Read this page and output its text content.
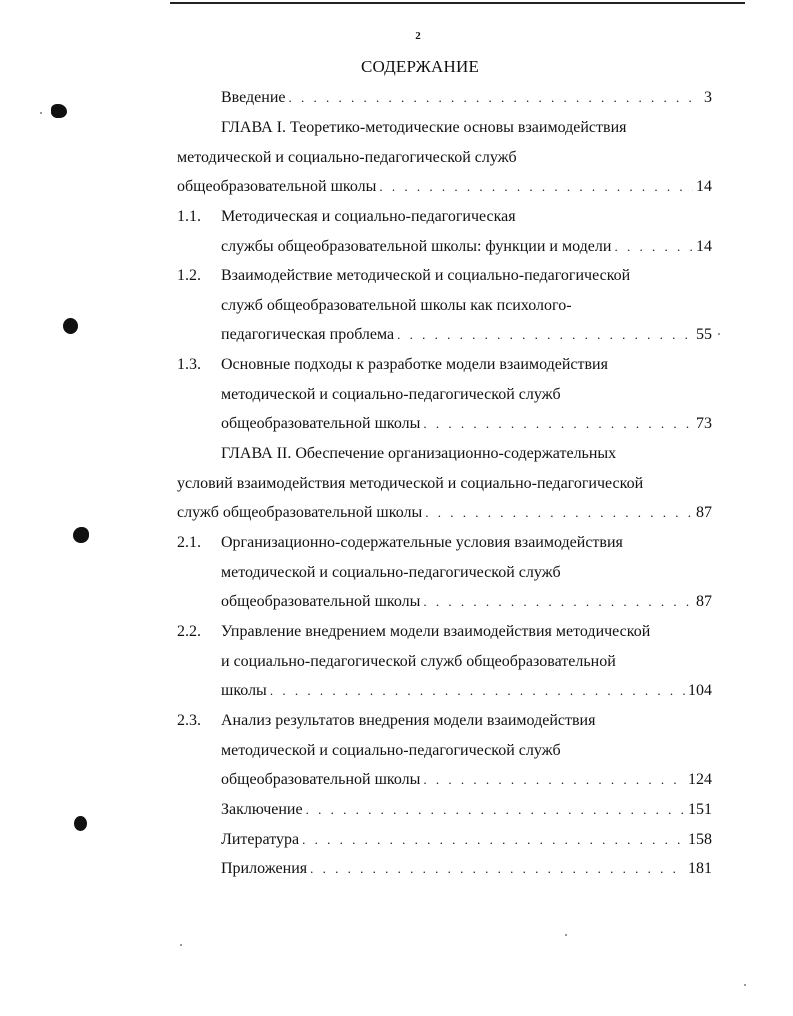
2
СОДЕРЖАНИЕ
Введение . . .	3
ГЛАВА I. Теоретико-методические основы взаимодействия
методической и социально-педагогической служб
общеобразовательной школы . . .	14
1.1. Методическая и социально-педагогическая
службы общеобразовательной школы: функции и модели . . .	14
1.2. Взаимодействие методической и социально-педагогической
служб общеобразовательной школы как психолого-
педагогическая проблема . . .	55
1.3. Основные подходы к разработке модели взаимодействия
методической и социально-педагогической служб
общеобразовательной школы . . .	73
ГЛАВА II. Обеспечение организационно-содержательных
условий взаимодействия методической и социально-педагогической
служб общеобразовательной школы . . .	87
2.1. Организационно-содержательные условия взаимодействия
методической и социально-педагогической служб
общеобразовательной школы . . .	87
2.2. Управление внедрением модели взаимодействия методической
и социально-педагогической служб общеобразовательной
школы . . .	104
2.3. Анализ результатов внедрения модели взаимодействия
методической и социально-педагогической служб
общеобразовательной школы . . .	124
Заключение . . .	151
Литература . . .	158
Приложения . . .	181
